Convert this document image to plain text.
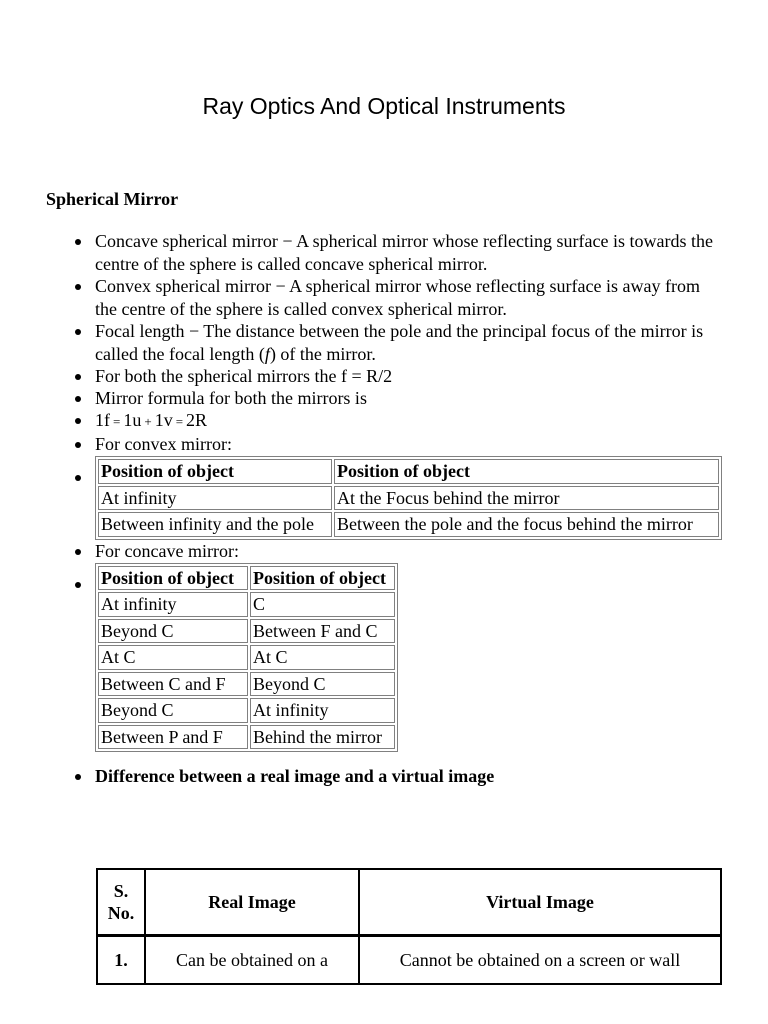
Ray Optics And Optical Instruments
Spherical Mirror
Concave spherical mirror − A spherical mirror whose reflecting surface is towards the centre of the sphere is called concave spherical mirror.
Convex spherical mirror − A spherical mirror whose reflecting surface is away from the centre of the sphere is called convex spherical mirror.
Focal length − The distance between the pole and the principal focus of the mirror is called the focal length (f) of the mirror.
For both the spherical mirrors the f = R/2
Mirror formula for both the mirrors is
1f = 1u + 1v = 2R
For convex mirror:
Position of object	Position of object
At infinity	At the Focus behind the mirror
Between infinity and the pole	Between the pole and the focus behind the mirror
For concave mirror:
Position of object	Position of object
At infinity	C
Beyond C	Between F and C
At C	At C
Between C and F	Beyond C
Beyond C	At infinity
Between P and F	Behind the mirror
Difference between a real image and a virtual image
S. No.	Real Image	Virtual Image
1.	Can be obtained on a	Cannot be obtained on a screen or wall
